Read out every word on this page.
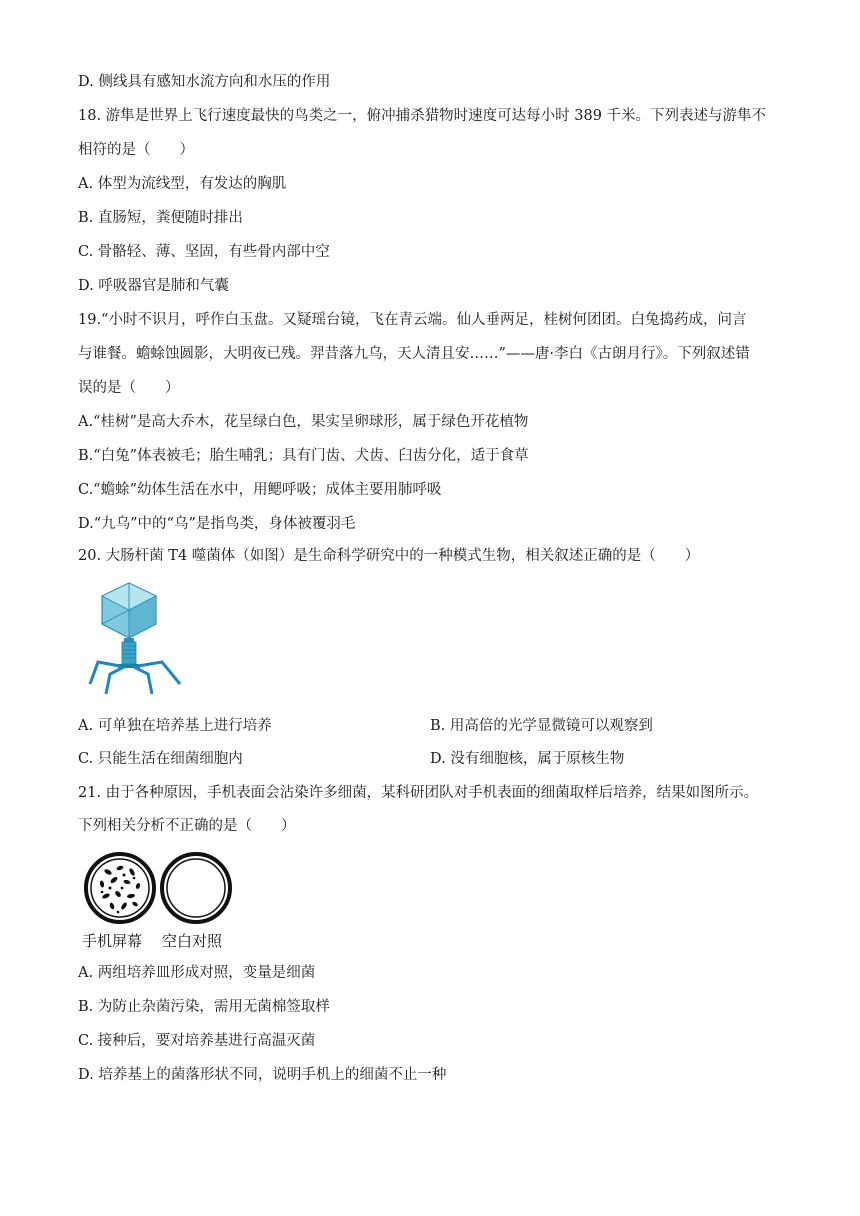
D. 侧线具有感知水流方向和水压的作用
18. 游隼是世界上飞行速度最快的鸟类之一，俯冲捕杀猎物时速度可达每小时 389 千米。下列表述与游隼不
相符的是（　　）
A. 体型为流线型，有发达的胸肌
B. 直肠短，粪便随时排出
C. 骨骼轻、薄、坚固，有些骨内部中空
D. 呼吸器官是肺和气囊
19.“小时不识月，呼作白玉盘。又疑瑶台镜，飞在青云端。仙人垂两足，桂树何团团。白兔捣药成，问言
与谁餐。蟾蜍蚀圆影，大明夜已残。羿昔落九乌，天人清且安……”——唐·李白《古朗月行》。下列叙述错
误的是（　　）
A.“桂树”是高大乔木，花呈绿白色，果实呈卵球形，属于绿色开花植物
B.“白兔”体表被毛；胎生哺乳；具有门齿、犬齿、臼齿分化，适于食草
C.“蟾蜍”幼体生活在水中，用鳃呼吸；成体主要用肺呼吸
D.“九乌”中的“乌”是指鸟类，身体被覆羽毛
20. 大肠杆菌 T4 噬菌体（如图）是生命科学研究中的一种模式生物，相关叙述正确的是（　　）
A. 可单独在培养基上进行培养	B. 用高倍的光学显微镜可以观察到
C. 只能生活在细菌细胞内	D. 没有细胞核，属于原核生物
21. 由于各种原因，手机表面会沾染许多细菌，某科研团队对手机表面的细菌取样后培养，结果如图所示。
下列相关分析不正确的是（　　）
手机屏幕 空白对照
A. 两组培养皿形成对照，变量是细菌
B. 为防止杂菌污染，需用无菌棉签取样
C. 接种后，要对培养基进行高温灭菌
D. 培养基上的菌落形状不同，说明手机上的细菌不止一种
